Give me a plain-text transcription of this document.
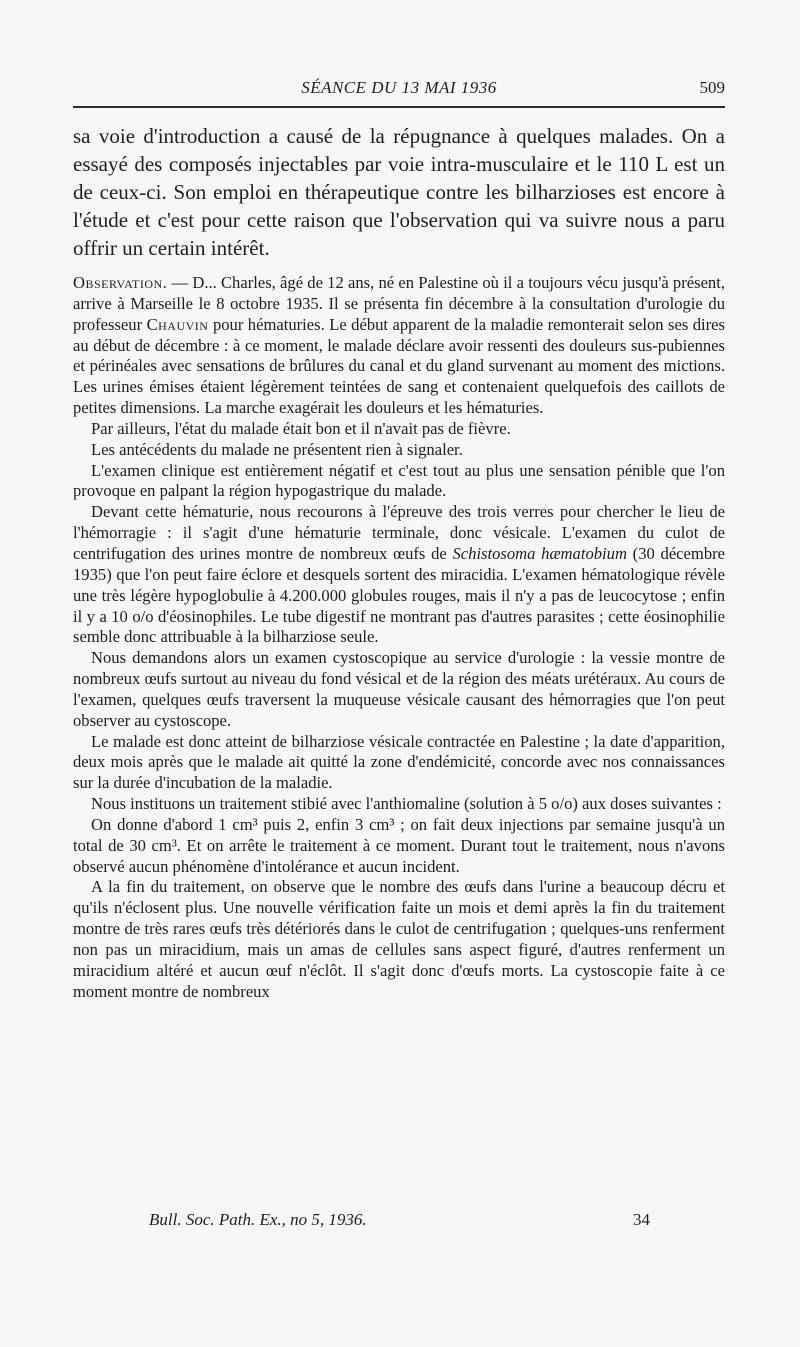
SÉANCE DU 13 MAI 1936	509

sa voie d'introduction a causé de la répugnance à quelques malades. On a essayé des composés injectables par voie intra-musculaire et le 110 L est un de ceux-ci. Son emploi en thérapeutique contre les bilharzioses est encore à l'étude et c'est pour cette raison que l'observation qui va suivre nous a paru offrir un certain intérêt.

Observation. — D... Charles, âgé de 12 ans, né en Palestine où il a toujours vécu jusqu'à présent, arrive à Marseille le 8 octobre 1935. Il se présenta fin décembre à la consultation d'urologie du professeur Chauvin pour hématuries. Le début apparent de la maladie remonterait selon ses dires au début de décembre : à ce moment, le malade déclare avoir ressenti des douleurs sus-pubiennes et périnéales avec sensations de brûlures du canal et du gland survenant au moment des mictions. Les urines émises étaient légèrement teintées de sang et contenaient quelquefois des caillots de petites dimensions. La marche exagérait les douleurs et les hématuries.

Par ailleurs, l'état du malade était bon et il n'avait pas de fièvre.

Les antécédents du malade ne présentent rien à signaler.

L'examen clinique est entièrement négatif et c'est tout au plus une sensation pénible que l'on provoque en palpant la région hypogastrique du malade.

Devant cette hématurie, nous recourons à l'épreuve des trois verres pour chercher le lieu de l'hémorragie : il s'agit d'une hématurie terminale, donc vésicale. L'examen du culot de centrifugation des urines montre de nombreux œufs de Schistosoma hæmatobium (30 décembre 1935) que l'on peut faire éclore et desquels sortent des miracidia. L'examen hématologique révèle une très légère hypoglobulie à 4.200.000 globules rouges, mais il n'y a pas de leucocytose ; enfin il y a 10 o/o d'éosinophiles. Le tube digestif ne montrant pas d'autres parasites ; cette éosinophilie semble donc attribuable à la bilharziose seule.

Nous demandons alors un examen cystoscopique au service d'urologie : la vessie montre de nombreux œufs surtout au niveau du fond vésical et de la région des méats urétéraux. Au cours de l'examen, quelques œufs traversent la muqueuse vésicale causant des hémorragies que l'on peut observer au cystoscope.

Le malade est donc atteint de bilharziose vésicale contractée en Palestine ; la date d'apparition, deux mois après que le malade ait quitté la zone d'endémicité, concorde avec nos connaissances sur la durée d'incubation de la maladie.

Nous instituons un traitement stibié avec l'anthiomaline (solution à 5 o/o) aux doses suivantes :

On donne d'abord 1 cm³ puis 2, enfin 3 cm³ ; on fait deux injections par semaine jusqu'à un total de 30 cm³. Et on arrête le traitement à ce moment. Durant tout le traitement, nous n'avons observé aucun phénomène d'intolérance et aucun incident.

A la fin du traitement, on observe que le nombre des œufs dans l'urine a beaucoup décru et qu'ils n'éclosent plus. Une nouvelle vérification faite un mois et demi après la fin du traitement montre de très rares œufs très détériorés dans le culot de centrifugation ; quelques-uns renferment non pas un miracidium, mais un amas de cellules sans aspect figuré, d'autres renferment un miracidium altéré et aucun œuf n'éclôt. Il s'agit donc d'œufs morts. La cystoscopie faite à ce moment montre de nombreux

Bull. Soc. Path. Ex., no 5, 1936.	34
